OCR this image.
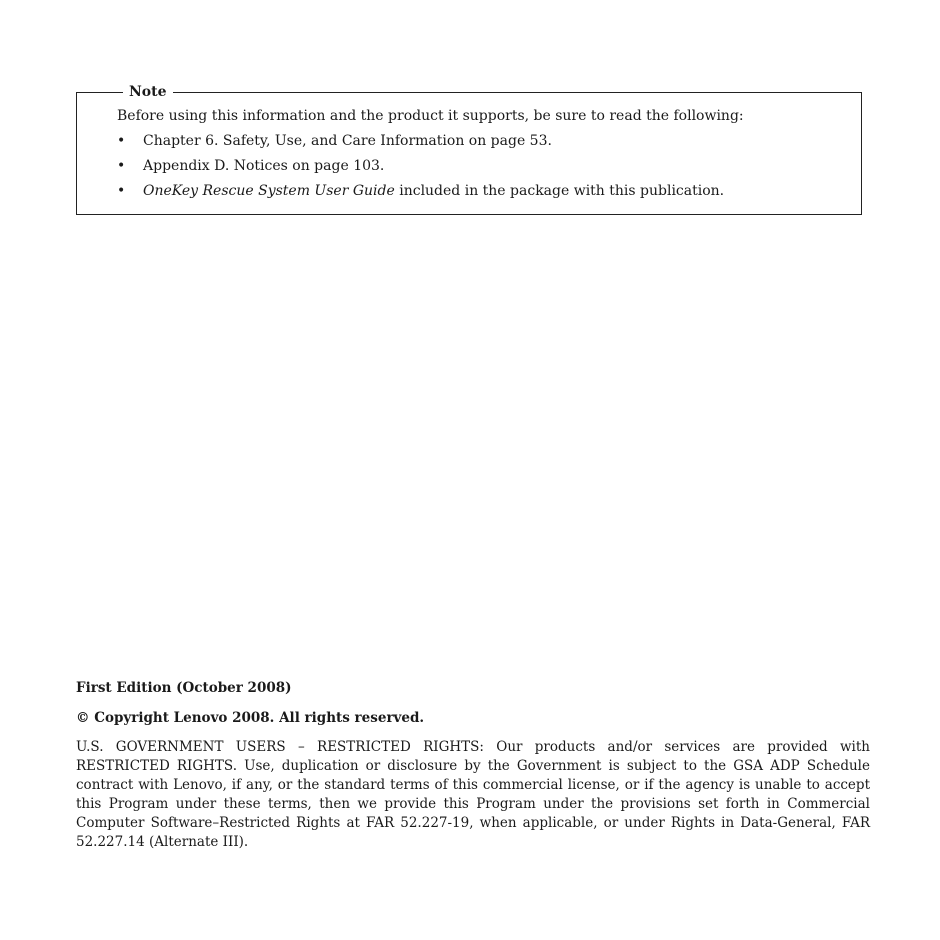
Note
Before using this information and the product it supports, be sure to read the following:
• Chapter 6. Safety, Use, and Care Information on page 53.
• Appendix D. Notices on page 103.
• OneKey Rescue System User Guide included in the package with this publication.
First Edition (October 2008)
© Copyright Lenovo 2008. All rights reserved.
U.S. GOVERNMENT USERS – RESTRICTED RIGHTS: Our products and/or services are provided with RESTRICTED RIGHTS. Use, duplication or disclosure by the Government is subject to the GSA ADP Schedule contract with Lenovo, if any, or the standard terms of this commercial license, or if the agency is unable to accept this Program under these terms, then we provide this Program under the provisions set forth in Commercial Computer Software–Restricted Rights at FAR 52.227-19, when applicable, or under Rights in Data-General, FAR 52.227.14 (Alternate III).
